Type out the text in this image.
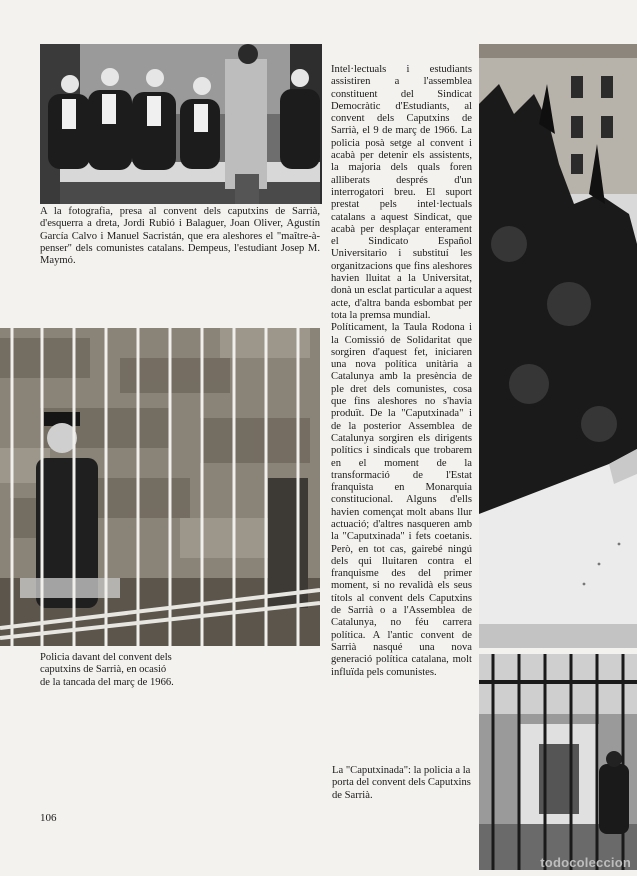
A la fotografia, presa al convent dels caputxins de Sarrià, d'esquerra a dreta, Jordi Rubió i Balaguer, Joan Oliver, Agustín García Calvo i Manuel Sacristán, que era aleshores el "maître-à-penser" dels comunistes catalans. Dempeus, l'estudiant Josep M. Maymó.

Policia davant del convent dels caputxins de Sarrià, en ocasió de la tancada del març de 1966.

Intel·lectuals i estudiants assistiren a l'assemblea constituent del Sindicat Democràtic d'Estudiants, al convent dels Caputxins de Sarrià, el 9 de març de 1966. La policia posà setge al convent i acabà per detenir els assistents, la majoria dels quals foren alliberats després d'un interrogatori breu. El suport prestat pels intel·lectuals catalans a aquest Sindicat, que acabà per desplaçar enterament el Sindicato Español Universitario i substituí les organitzacions que fins aleshores havien lluitat a la Universitat, donà un esclat particular a aquest acte, d'altra banda esbombat per tota la premsa mundial.

Políticament, la Taula Rodona i la Comissió de Solidaritat que sorgiren d'aquest fet, iniciaren una nova política unitària a Catalunya amb la presència de ple dret dels comunistes, cosa que fins aleshores no s'havia produït. De la "Caputxinada" i de la posterior Assemblea de Catalunya sorgiren els dirigents polítics i sindicals que trobarem en el moment de la transformació de l'Estat franquista en Monarquia constitucional. Alguns d'ells havien començat molt abans llur actuació; d'altres nasqueren amb la "Caputxinada" i fets coetanis. Però, en tot cas, gairebé ningú dels qui lluitaren contra el franquisme des del primer moment, si no revalidà els seus títols al convent dels Caputxins de Sarrià o a l'Assemblea de Catalunya, no féu carrera política. A l'antic convent de Sarrià nasqué una nova generació política catalana, molt influïda pels comunistes.

La "Caputxinada": la policia a la porta del convent dels Caputxins de Sarrià.

106
todocoleccion
